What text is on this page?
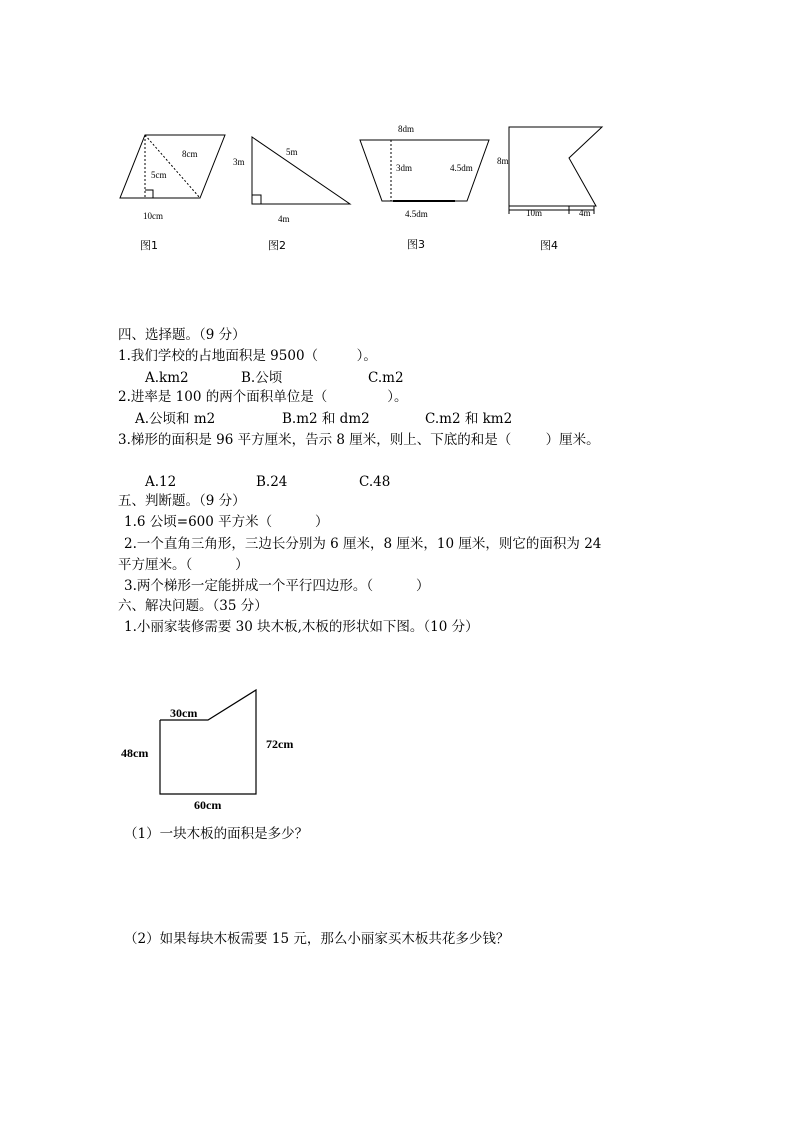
8cm
5cm
10cm
图1
3m
5m
4m
图2
8dm
3dm	4.5dm
4.5dm
图3
8m
10m	4m
图4
四、选择题。（9 分）
1.我们学校的占地面积是 9500（         ）。
A.km2	B.公顷	C.m2
2.进率是 100 的两个面积单位是（              ）。
A.公顷和 m2	B.m2 和 dm2	C.m2 和 km2
3.梯形的面积是 96 平方厘米，告示 8 厘米，则上、下底的和是（        ）厘米。
A.12	B.24	C.48
五、判断题。（9 分）
1.6 公顷=600 平方米（          ）
2.一个直角三角形，三边长分别为 6 厘米，8 厘米，10 厘米，则它的面积为 24
平方厘米。（          ）
3.两个梯形一定能拼成一个平行四边形。（          ）
六、解决问题。（35 分）
1.小丽家装修需要 30 块木板,木板的形状如下图。（10 分）
30cm
48cm
72cm
60cm
（1）一块木板的面积是多少？
（2）如果每块木板需要 15 元，那么小丽家买木板共花多少钱？
